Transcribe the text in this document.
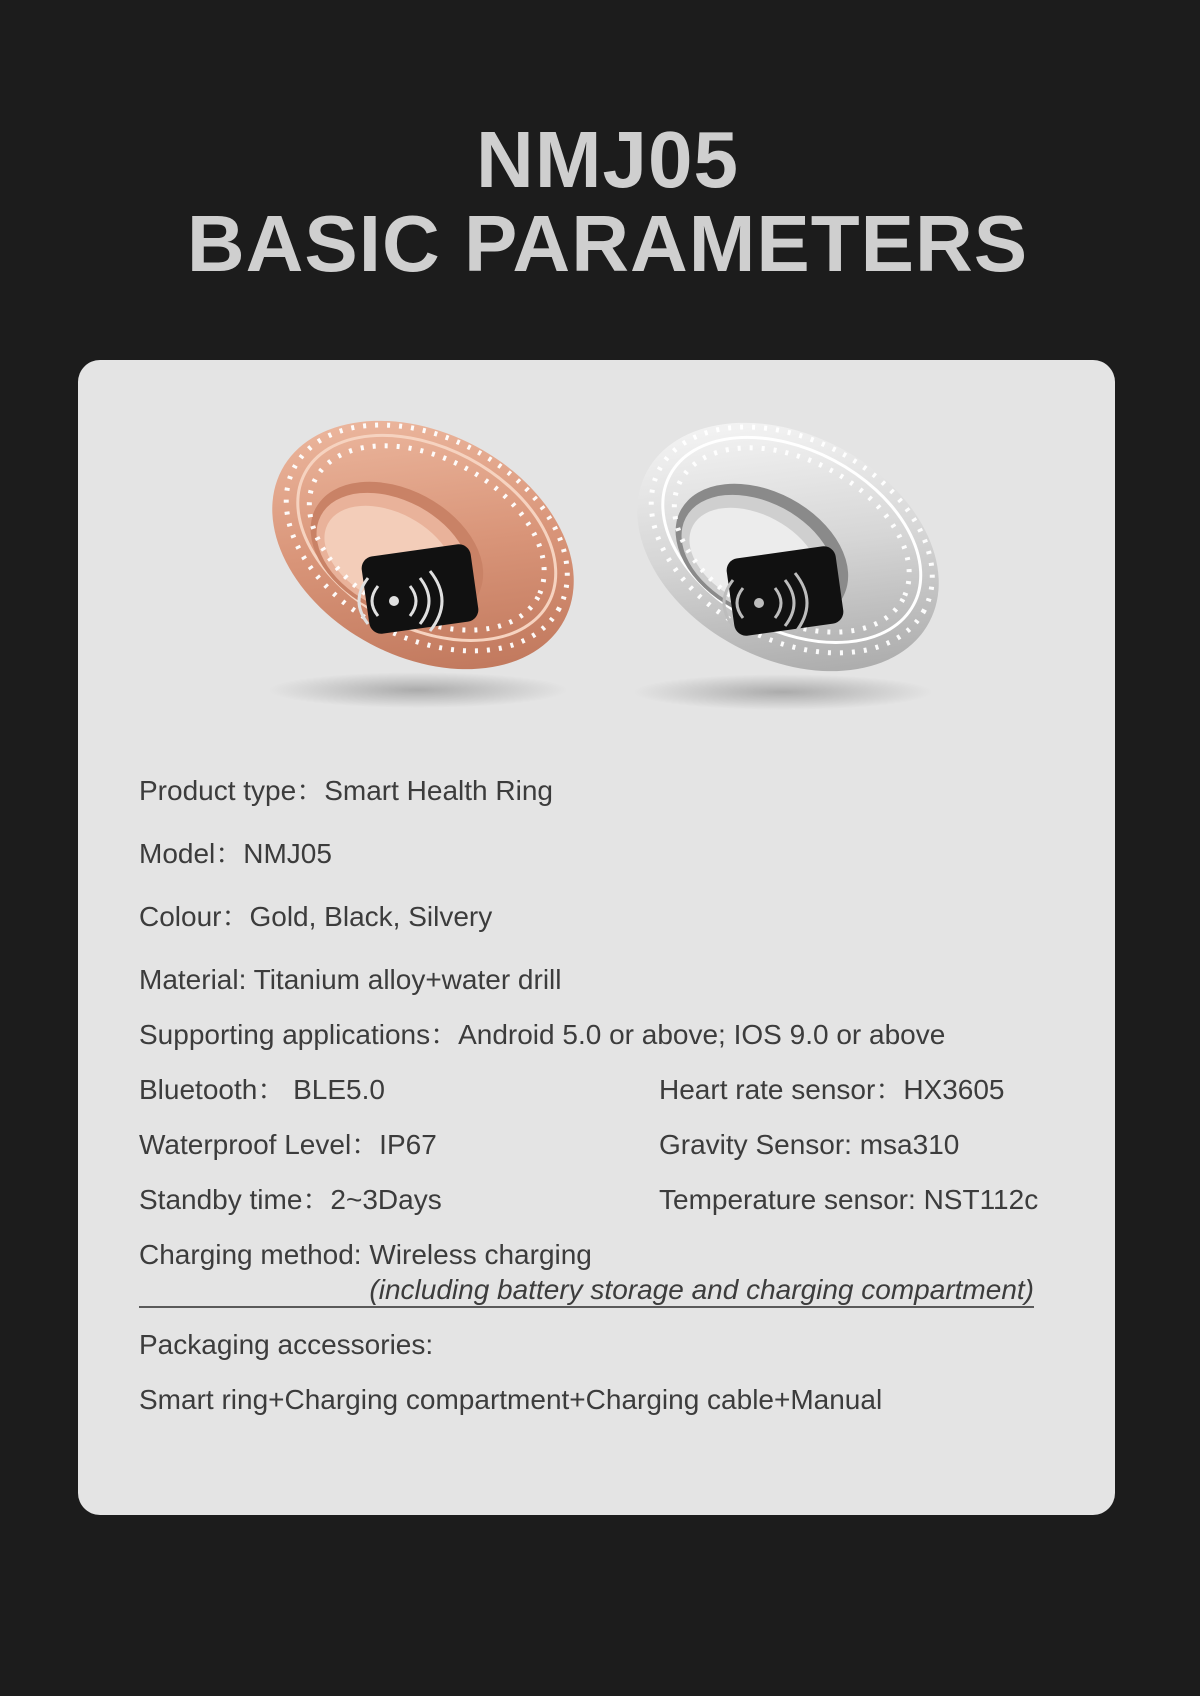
NMJ05
BASIC PARAMETERS
Product type：Smart Health Ring
Model：NMJ05
Colour：Gold, Black, Silvery
Material: Titanium alloy+water drill
Supporting applications：Android 5.0 or above; IOS 9.0 or above
Bluetooth： BLE5.0	Heart rate sensor：HX3605
Waterproof Level：IP67	Gravity Sensor: msa310
Standby time：2~3Days	Temperature sensor: NST112c
Charging method: Wireless charging
(including battery storage and charging compartment)
Packaging accessories:
Smart ring+Charging compartment+Charging cable+Manual
